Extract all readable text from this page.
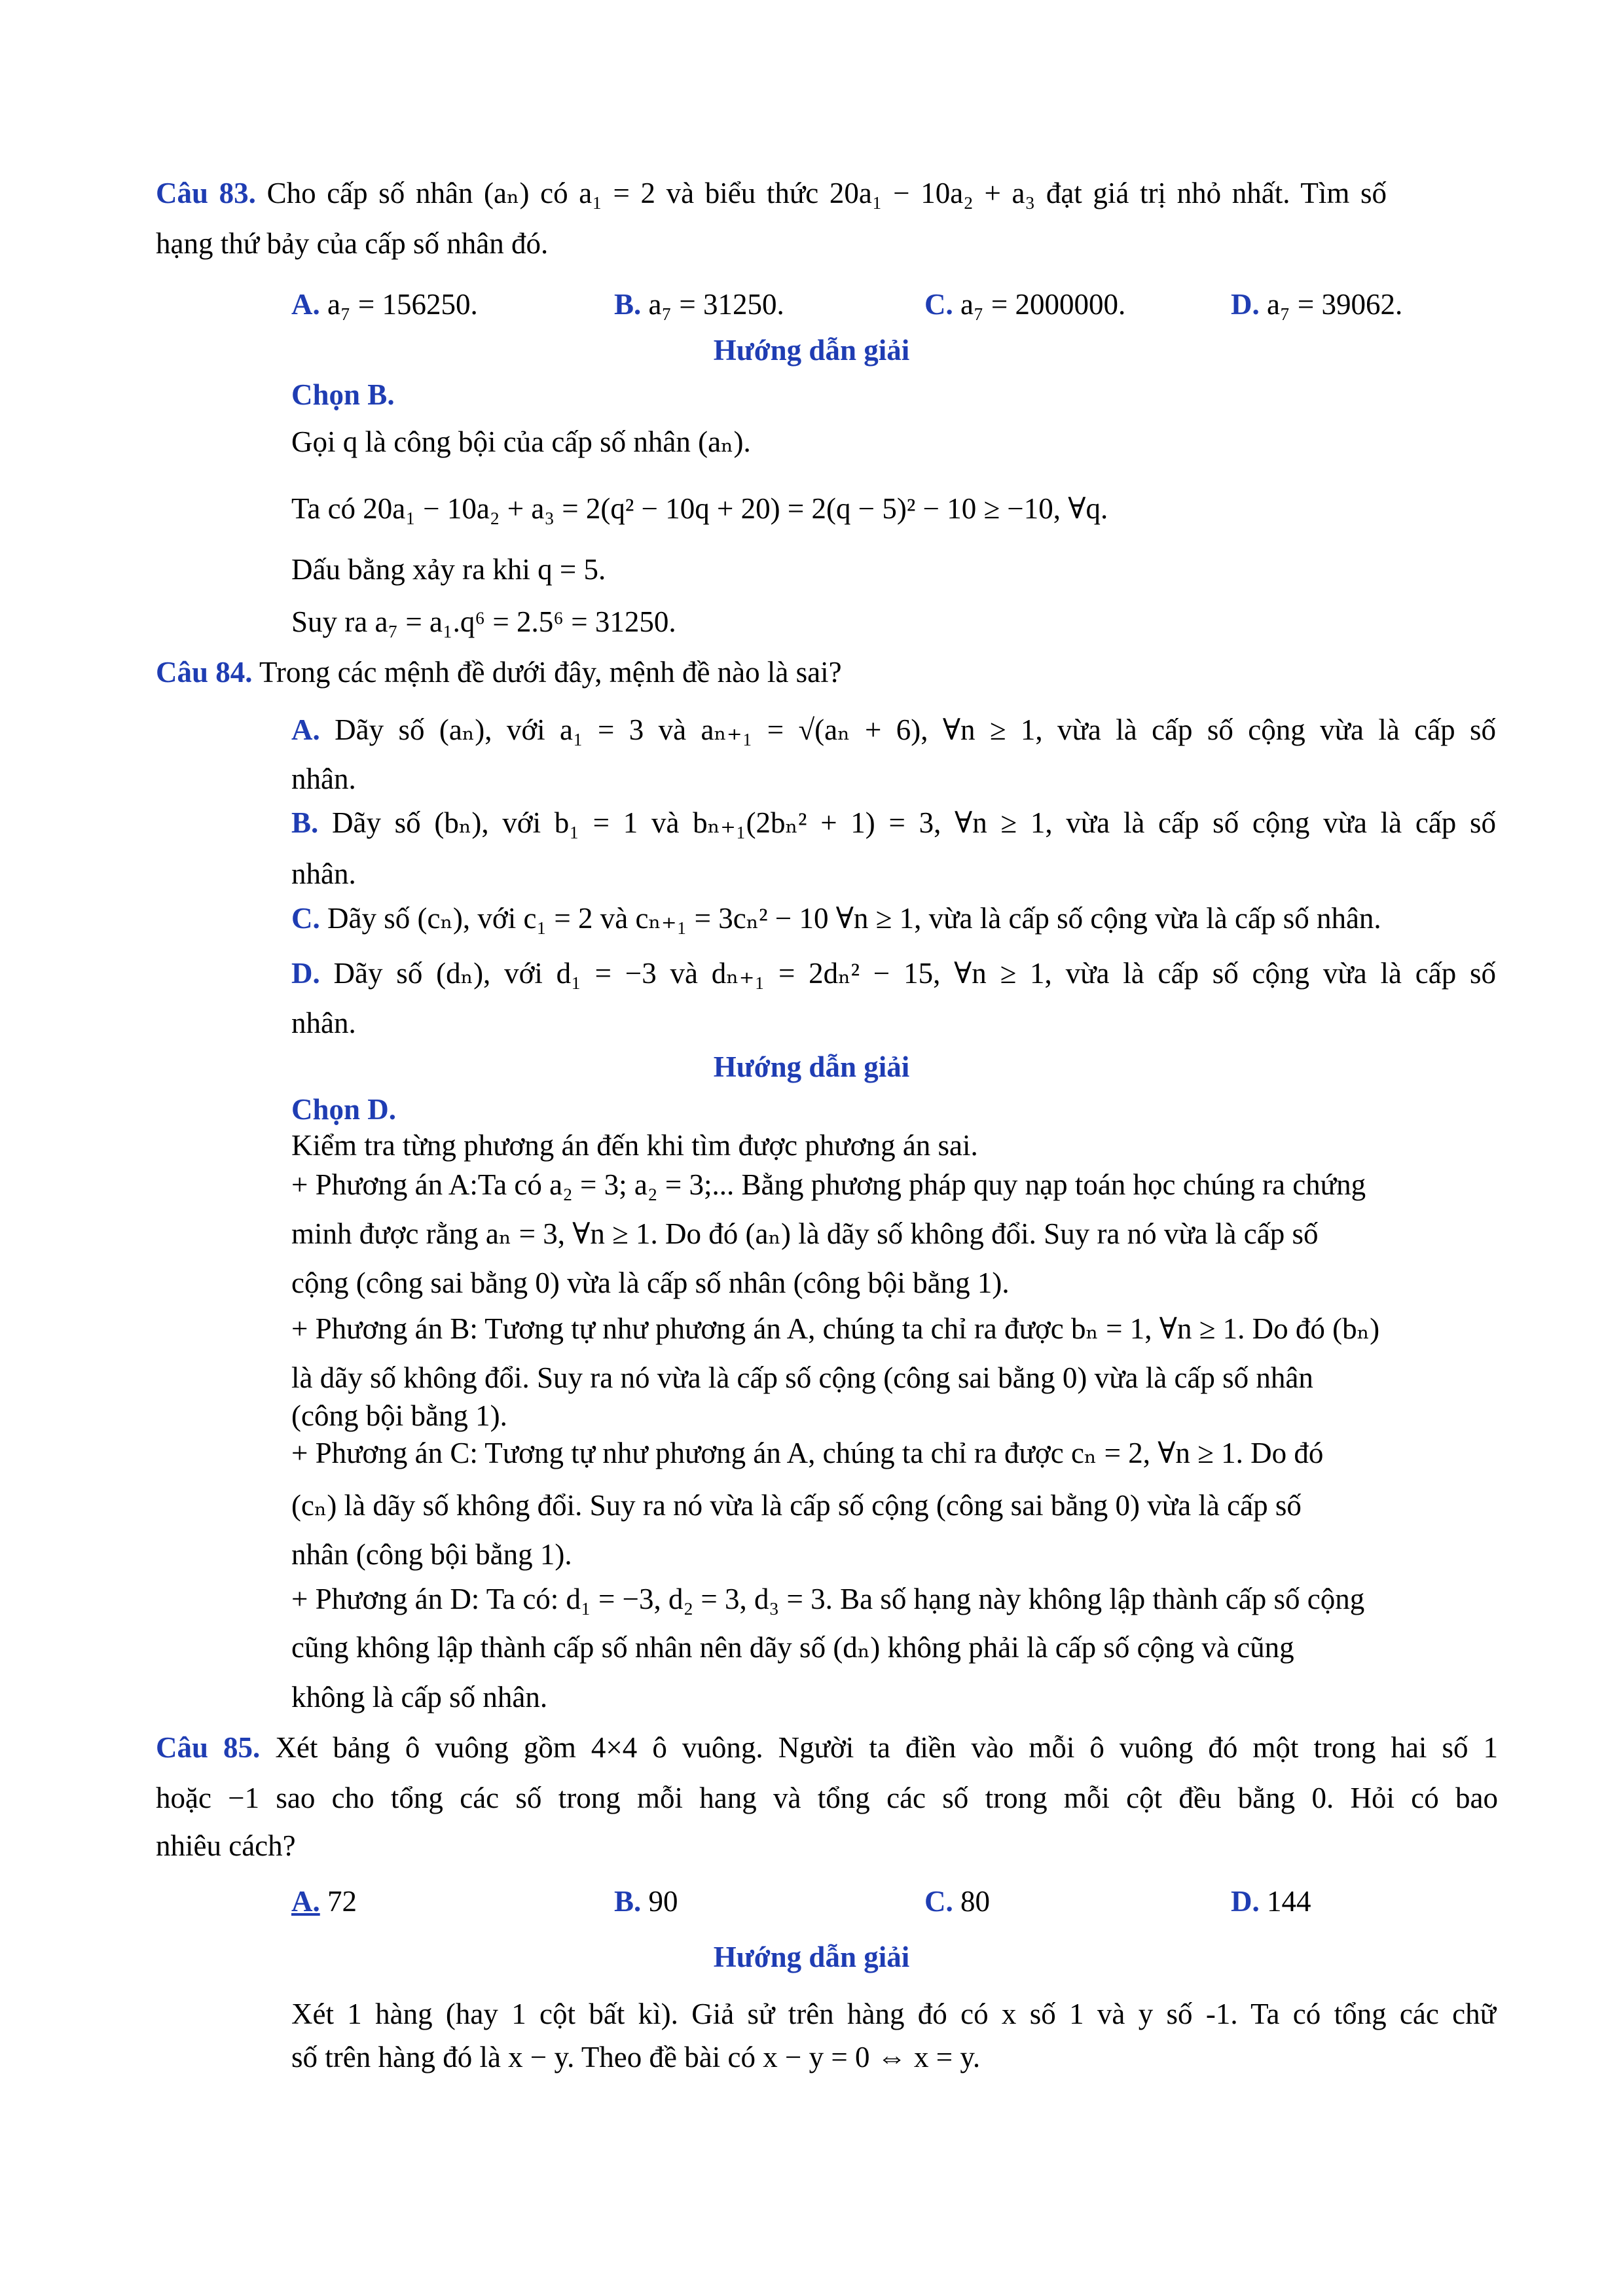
Câu 83. Cho cấp số nhân (aₙ) có a₁ = 2 và biểu thức 20a₁ − 10a₂ + a₃ đạt giá trị nhỏ nhất. Tìm số
hạng thứ bảy của cấp số nhân đó.
A. a₇ = 156250.	B. a₇ = 31250.	C. a₇ = 2000000.	D. a₇ = 39062.
Hướng dẫn giải
Chọn B.
Gọi q là công bội của cấp số nhân (aₙ).
Ta có 20a₁ − 10a₂ + a₃ = 2(q² − 10q + 20) = 2(q − 5)² − 10 ≥ −10, ∀q.
Dấu bằng xảy ra khi q = 5.
Suy ra a₇ = a₁.q⁶ = 2.5⁶ = 31250.
Câu 84. Trong các mệnh đề dưới đây, mệnh đề nào là sai?
A. Dãy số (aₙ), với a₁ = 3 và aₙ₊₁ = √(aₙ + 6), ∀n ≥ 1, vừa là cấp số cộng vừa là cấp số
nhân.
B. Dãy số (bₙ), với b₁ = 1 và bₙ₊₁(2bₙ² + 1) = 3, ∀n ≥ 1, vừa là cấp số cộng vừa là cấp số
nhân.
C. Dãy số (cₙ), với c₁ = 2 và cₙ₊₁ = 3cₙ² − 10 ∀n ≥ 1, vừa là cấp số cộng vừa là cấp số nhân.
D. Dãy số (dₙ), với d₁ = −3 và dₙ₊₁ = 2dₙ² − 15, ∀n ≥ 1, vừa là cấp số cộng vừa là cấp số
nhân.
Hướng dẫn giải
Chọn D.
Kiểm tra từng phương án đến khi tìm được phương án sai.
+ Phương án A:Ta có a₂ = 3; a₂ = 3;... Bằng phương pháp quy nạp toán học chúng ra chứng
minh được rằng aₙ = 3, ∀n ≥ 1. Do đó (aₙ) là dãy số không đổi. Suy ra nó vừa là cấp số
cộng (công sai bằng 0) vừa là cấp số nhân (công bội bằng 1).
+ Phương án B: Tương tự như phương án A, chúng ta chỉ ra được bₙ = 1, ∀n ≥ 1. Do đó (bₙ)
là dãy số không đổi. Suy ra nó vừa là cấp số cộng (công sai bằng 0) vừa là cấp số nhân
(công bội bằng 1).
+ Phương án C: Tương tự như phương án A, chúng ta chỉ ra được cₙ = 2, ∀n ≥ 1. Do đó
(cₙ) là dãy số không đổi. Suy ra nó vừa là cấp số cộng (công sai bằng 0) vừa là cấp số
nhân (công bội bằng 1).
+ Phương án D: Ta có: d₁ = −3, d₂ = 3, d₃ = 3. Ba số hạng này không lập thành cấp số cộng
cũng không lập thành cấp số nhân nên dãy số (dₙ) không phải là cấp số cộng và cũng
không là cấp số nhân.
Câu 85. Xét bảng ô vuông gồm 4×4 ô vuông. Người ta điền vào mỗi ô vuông đó một trong hai số 1
hoặc −1 sao cho tổng các số trong mỗi hang và tổng các số trong mỗi cột đều bằng 0. Hỏi có bao
nhiêu cách?
A. 72	B. 90	C. 80	D. 144
Hướng dẫn giải
Xét 1 hàng (hay 1 cột bất kì). Giả sử trên hàng đó có x số 1 và y số -1. Ta có tổng các chữ
số trên hàng đó là x − y. Theo đề bài có x − y = 0 ⇔ x = y.
